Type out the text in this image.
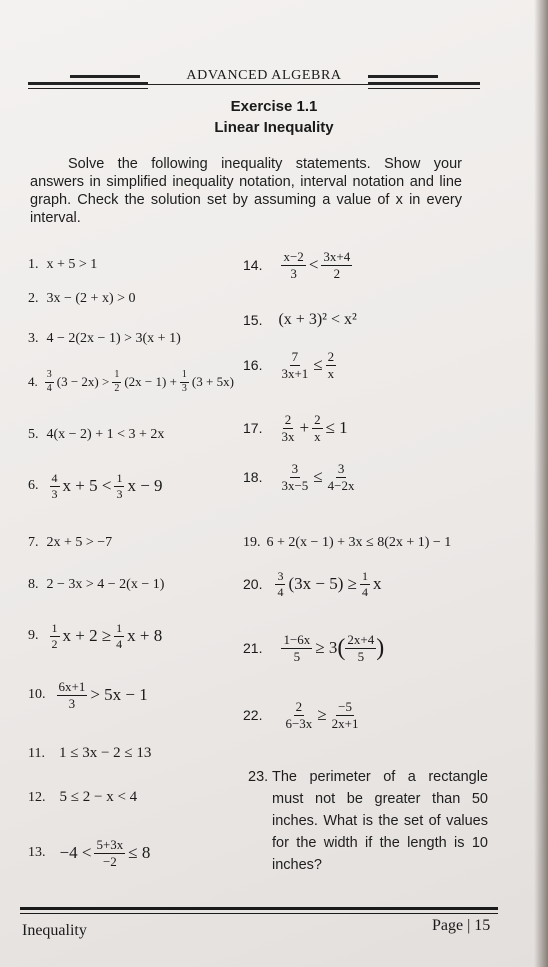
ADVANCED ALGEBRA
Exercise 1.1
Linear Inequality
Solve the following inequality statements. Show your answers in simplified inequality notation, interval notation and line graph. Check the solution set by assuming a value of x in every interval.
1. x + 5 > 1
2. 3x − (2 + x) > 0
3. 4 − 2(2x − 1) > 3(x + 1)
4. $\frac{3}{4} (3 - 2x) > \frac{1}{2} (2x - 1) + \frac{1}{3} (3 + 5x)$
5. 4(x − 2) + 1 < 3 + 2x
6. $\frac{4}{3}$ $x + 5 < \frac{1}{3}$ x − 9
7. 2x + 5 > −7
8. 2 − 3x > 4 − 2(x − 1)
9. $\frac{1}{2}$ $x + 2 \ge \frac{1}{4}$ x + 8
10. $\frac{6x+1}{3} > 5x - 1$
11. 1 ≤ 3x − 2 ≤ 13
12. 5 ≤ 2 − x < 4
13. $-4 < \frac{5+3x}{-2} \le 8$
14. $\frac{x-2}{3} < \frac{3x+4}{2}$
15. (x + 3)² < x²
16. $\frac{7}{3x+1} \le \frac{2}{x}$
17. $\frac{2}{3x} + \frac{2}{x} \le 1$
18. $\frac{3}{3x-5} \le \frac{3}{4-2x}$
19. 6 + 2(x − 1) + 3x ≤ 8(2x + 1) − 1
20. $\frac{3}{4} (3x - 5) \ge \frac{1}{4}$ x
21. $\frac{1-6x}{5} \ge 3$ ( $\frac{2x+4}{5}$ )
22. $\frac{2}{6-3x} \ge \frac{-5}{2x+1}$
23. The perimeter of a rectangle must not be greater than 50 inches. What is the set of values for the width if the length is 10 inches?
Inequality	Page | 15
